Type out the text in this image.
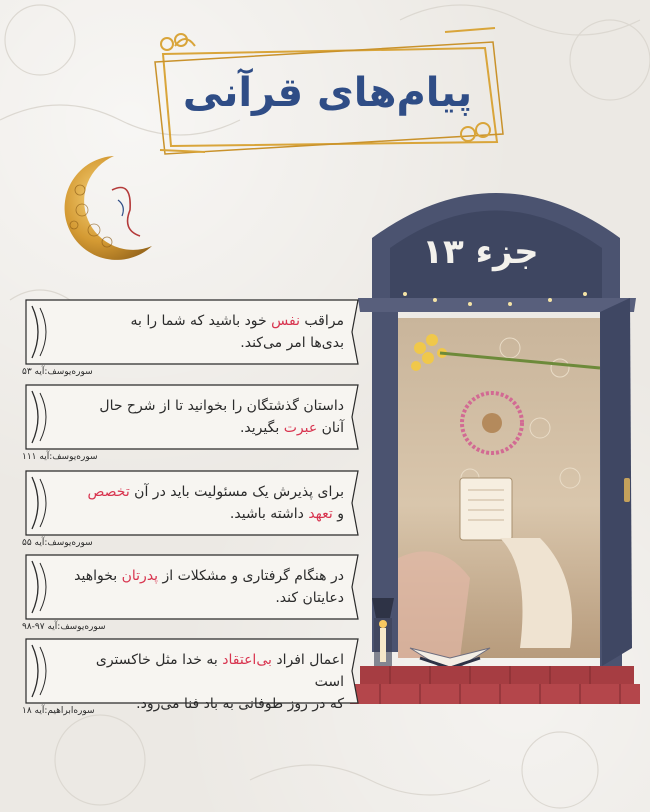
پیام‌های قرآنی
جزء ۱۳
مراقب نفس خود باشید که شما را به
بدی‌ها امر می‌کند.
سوره‌یوسف:آیه ۵۳
داستان گذشتگان را بخوانید تا از شرح حال
آنان عبرت بگیرید.
سوره‌یوسف:آیه ۱۱۱
برای پذیرش یک مسئولیت باید در آن تخصص
و تعهد داشته باشید.
سوره‌یوسف:آیه ۵۵
در هنگام گرفتاری و مشکلات از پدرتان بخواهید
دعایتان کند.
سوره‌یوسف:آیه ۹۷-۹۸
اعمال افراد بی‌اعتقاد به خدا مثل خاکستری است
که در روز طوفانی به باد فنا می‌رود.
سوره‌ابراهیم:آیه ۱۸
